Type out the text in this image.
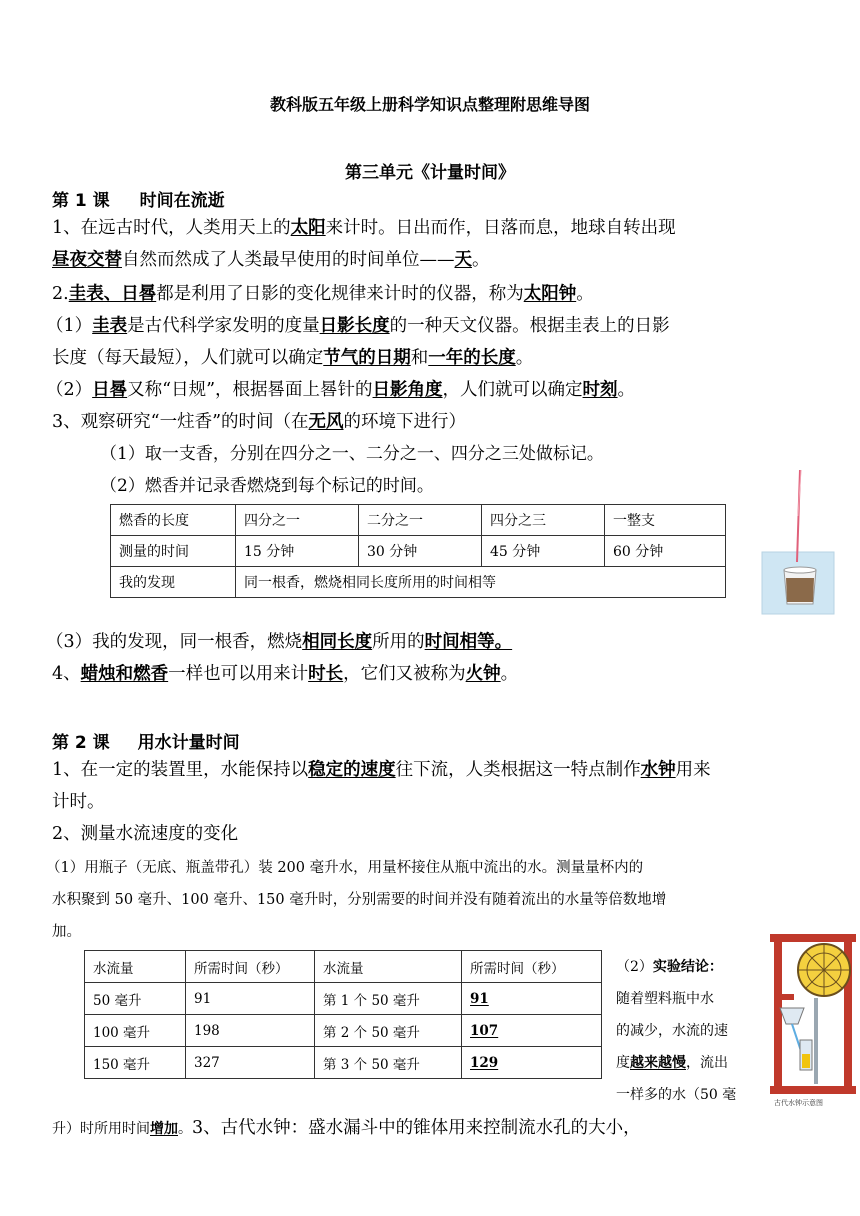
教科版五年级上册科学知识点整理附思维导图
第三单元《计量时间》
第 1 课 时间在流逝
1、在远古时代，人类用天上的太阳来计时。日出而作，日落而息，地球自转出现
昼夜交替自然而然成了人类最早使用的时间单位——天。
2.圭表、日晷都是利用了日影的变化规律来计时的仪器，称为太阳钟。
（1）圭表是古代科学家发明的度量日影长度的一种天文仪器。根据圭表上的日影
长度（每天最短），人们就可以确定节气的日期和一年的长度。
（2）日晷又称“日规”，根据晷面上晷针的日影角度，人们就可以确定时刻。
3、观察研究“一炷香”的时间（在无风的环境下进行）
（1）取一支香，分别在四分之一、二分之一、四分之三处做标记。
（2）燃香并记录香燃烧到每个标记的时间。
燃香的长度	四分之一	二分之一	四分之三	一整支
测量的时间	15 分钟	30 分钟	45 分钟	60 分钟
我的发现	同一根香，燃烧相同长度所用的时间相等			
（3）我的发现，同一根香，燃烧相同长度所用的时间相等。
4、蜡烛和燃香一样也可以用来计时长，它们又被称为火钟。
第 2 课 用水计量时间
1、在一定的装置里，水能保持以稳定的速度往下流，人类根据这一特点制作水钟用来
计时。
2、测量水流速度的变化
（1）用瓶子（无底、瓶盖带孔）装 200 毫升水，用量杯接住从瓶中流出的水。测量量杯内的
水积聚到 50 毫升、100 毫升、150 毫升时，分别需要的时间并没有随着流出的水量等倍数地增
加。
水流量	所需时间（秒）	水流量	所需时间（秒）
50 毫升	91	第 1 个 50 毫升	91
100 毫升	198	第 2 个 50 毫升	107
150 毫升	327	第 3 个 50 毫升	129
（2）实验结论：
随着塑料瓶中水
的减少，水流的速
度越来越慢，流出
一样多的水（50 毫	古代水钟示意图
升）时所用时间增加。3、古代水钟：盛水漏斗中的锥体用来控制流水孔的大小，
